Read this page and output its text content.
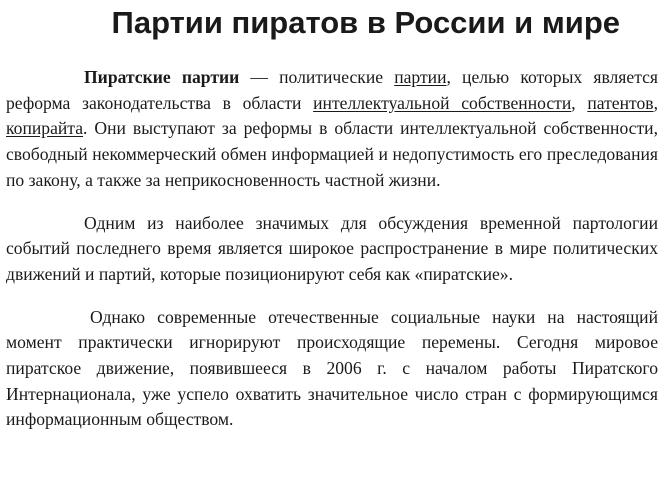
Партии пиратов в России и мире

Пиратские партии — политические партии, целью которых является реформа законодательства в области интеллектуальной собственности, патентов, копирайта. Они выступают за реформы в области интеллектуальной собственности, свободный некоммерческий обмен информацией и недопустимость его преследования по закону, а также за неприкосновенность частной жизни.

Одним из наиболее значимых для обсуждения временной партологии событий последнего время является широкое распространение в мире политических движений и партий, которые позиционируют себя как «пиратские».

Однако современные отечественные социальные науки на настоящий момент практически игнорируют происходящие перемены. Сегодня мировое пиратское движение, появившееся в 2006 г. с началом работы Пиратского Интернационала, уже успело охватить значительное число стран с формирующимся информационным обществом.
